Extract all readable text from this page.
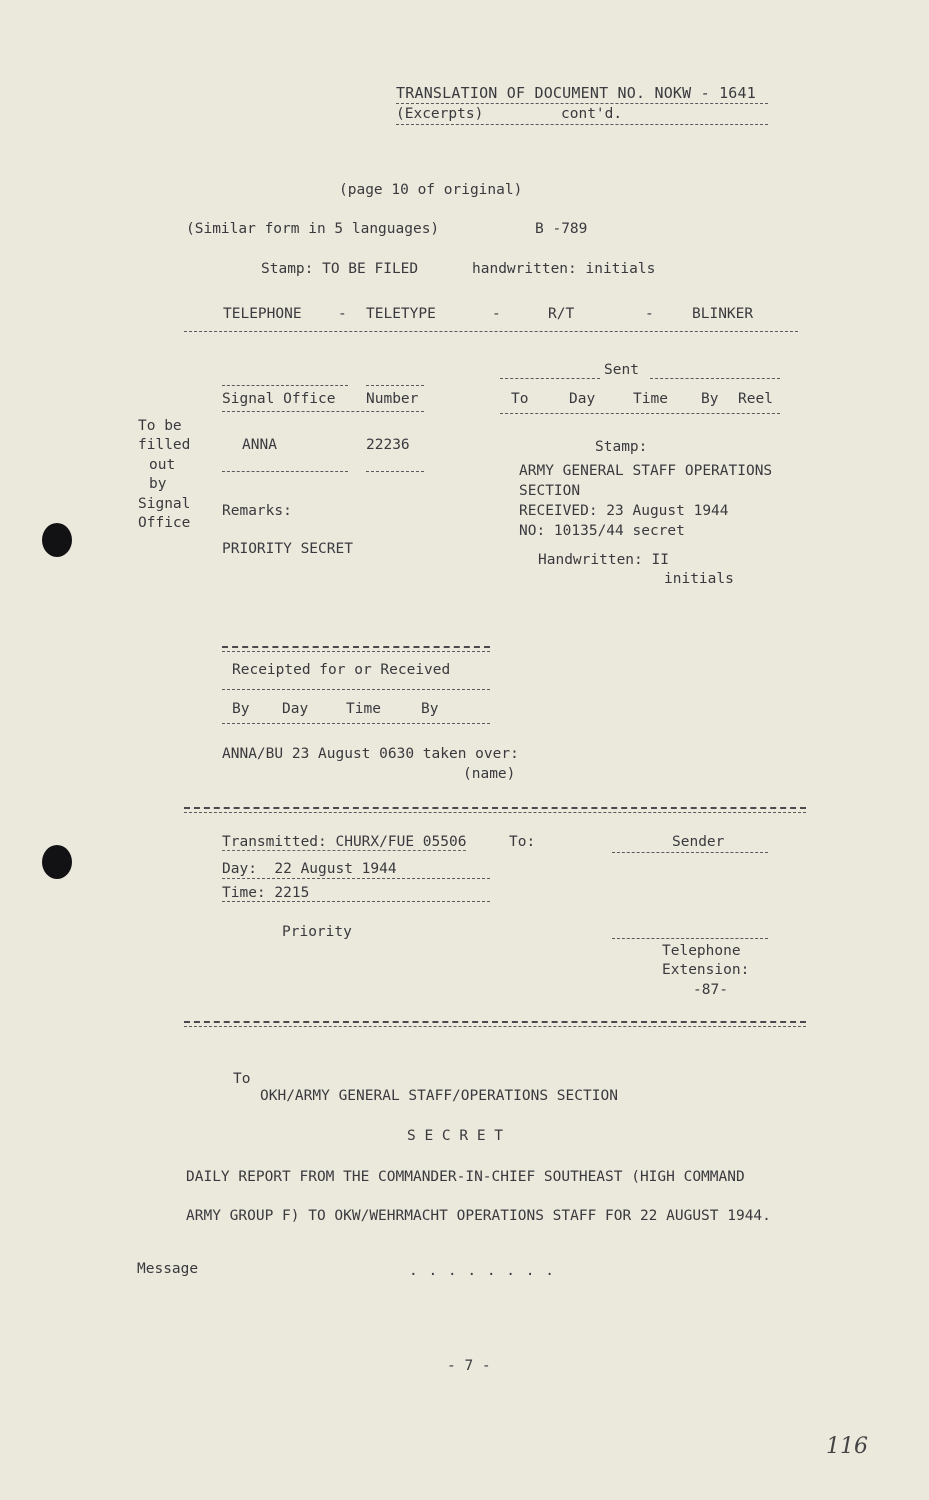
TRANSLATION OF DOCUMENT NO. NOKW - 1641
(Excerpts)	cont'd.
(page 10 of original)
(Similar form in 5 languages)	B -789
Stamp: TO BE FILED	handwritten: initials
TELEPHONE	- TELETYPE	-	R/T	-	BLINKER
Sent
To	Day	Time By Reel
Signal Office Number
ANNA	22236
To be
filled
out
by
Signal
Office
Remarks:
PRIORITY SECRET
Stamp:
ARMY GENERAL STAFF OPERATIONS
SECTION
RECEIVED: 23 August 1944
NO: 10135/44 secret
Handwritten: II
initials
Receipted for or Received
By Day	Time	By
ANNA/BU 23 August 0630 taken over:
(name)
Transmitted: CHURX/FUE 05506	To:	Sender
Day:  22 August 1944
Time: 2215
Priority
Telephone
Extension:
-87-
To
OKH/ARMY GENERAL STAFF/OPERATIONS SECTION
S E C R E T
DAILY REPORT FROM THE COMMANDER-IN-CHIEF SOUTHEAST (HIGH COMMAND
ARMY GROUP F) TO OKW/WEHRMACHT OPERATIONS STAFF FOR 22 AUGUST 1944.
Message	. . . . . . . .
- 7 -
116
